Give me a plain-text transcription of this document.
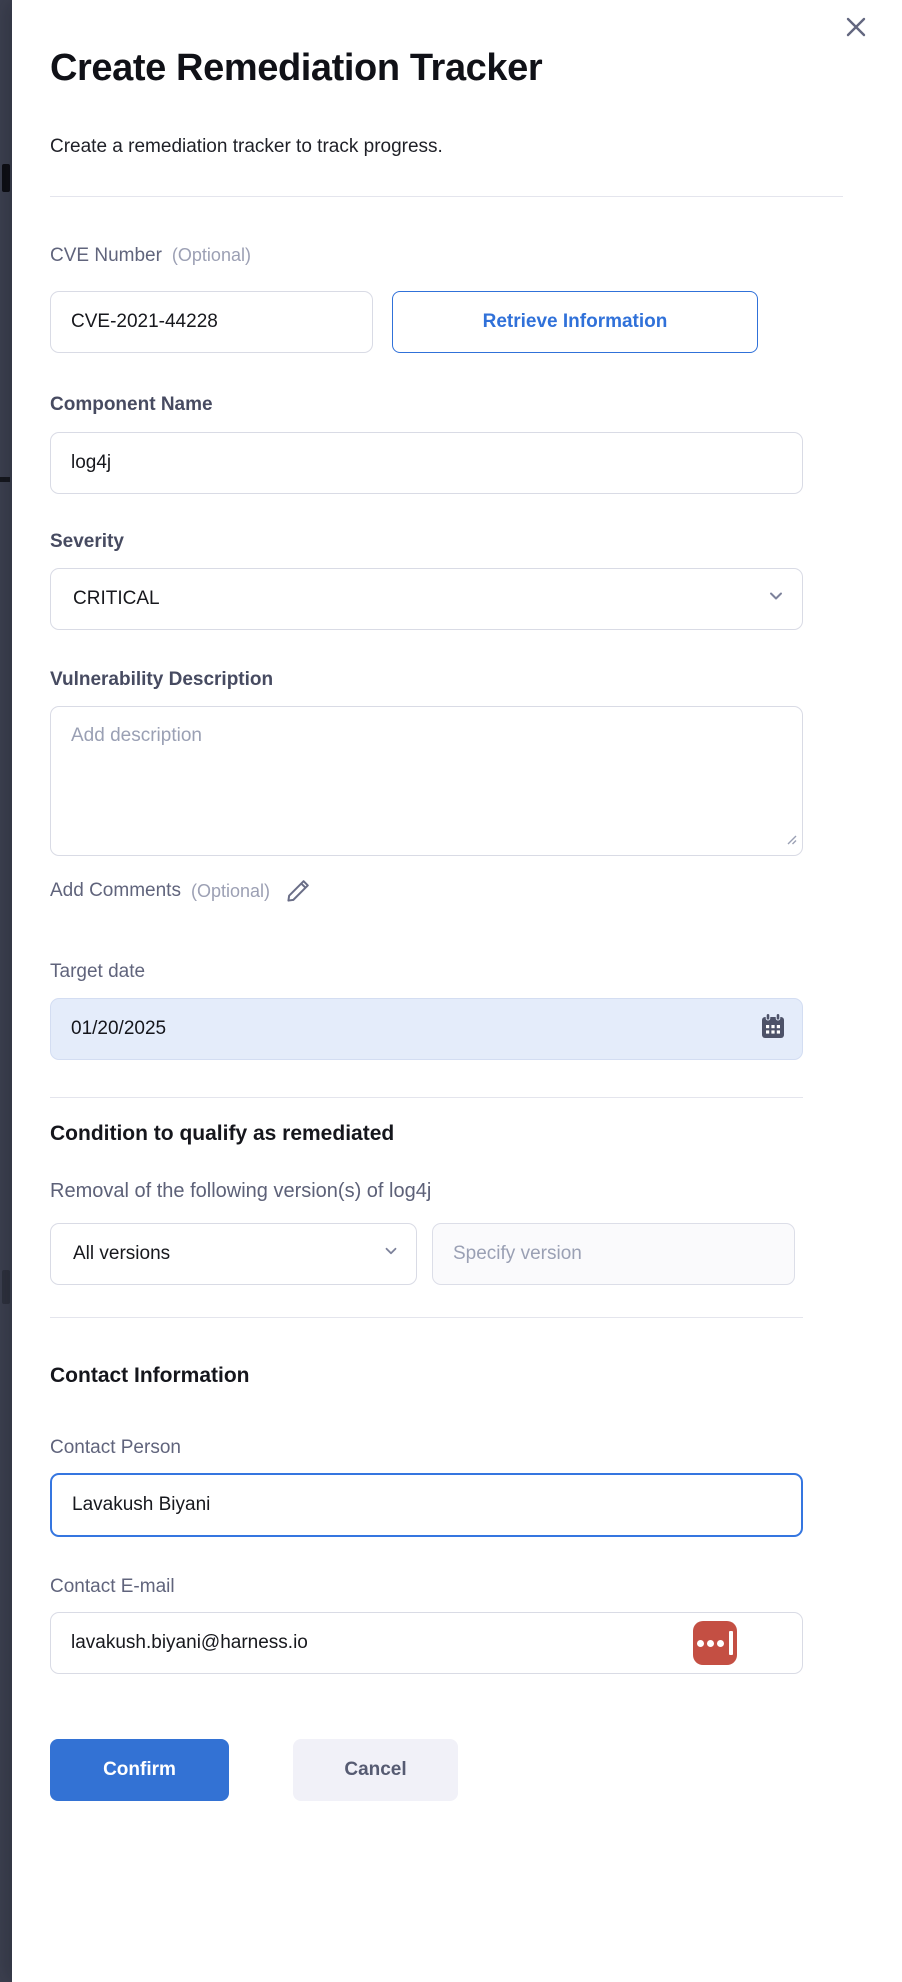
Create Remediation Tracker

Create a remediation tracker to track progress.

CVE Number (Optional)
CVE-2021-44228
Retrieve Information
Component Name
log4j
Severity
CRITICAL
Vulnerability Description
Add description
Add Comments (Optional)
Target date
01/20/2025
Condition to qualify as remediated

Removal of the following version(s) of log4j

All versions
Specify version
Contact Information
Contact Person
Lavakush Biyani
Contact E-mail
lavakush.biyani@harness.io
Confirm	Cancel
